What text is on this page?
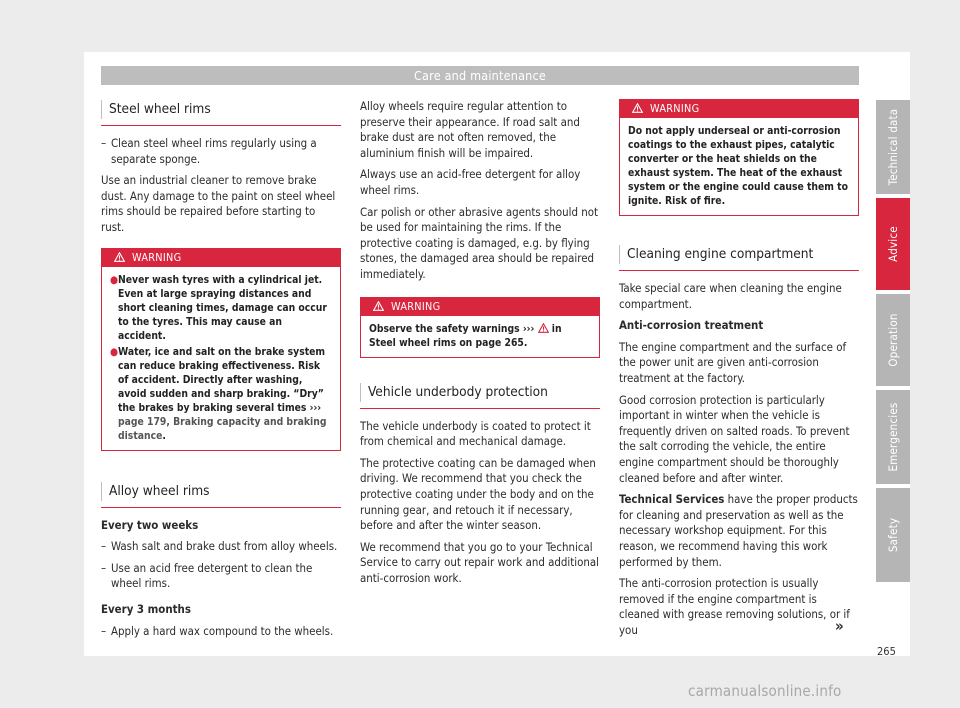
Care and maintenance
Steel wheel rims

– Clean steel wheel rims regularly using a separate sponge.

Use an industrial cleaner to remove brake dust. Any damage to the paint on steel wheel rims should be repaired before starting to rust.

WARNING

● Never wash tyres with a cylindrical jet. Even at large spraying distances and short cleaning times, damage can occur to the tyres. This may cause an accident.

● Water, ice and salt on the brake system can reduce braking effectiveness. Risk of accident. Directly after washing, avoid sudden and sharp braking. “Dry” the brakes by braking several times ››› page 179, Braking capacity and braking distance.

Alloy wheel rims

Every two weeks

– Wash salt and brake dust from alloy wheels.

– Use an acid free detergent to clean the wheel rims.

Every 3 months

– Apply a hard wax compound to the wheels.

Alloy wheels require regular attention to preserve their appearance. If road salt and brake dust are not often removed, the aluminium finish will be impaired.

Always use an acid-free detergent for alloy wheel rims.

Car polish or other abrasive agents should not be used for maintaining the rims. If the protective coating is damaged, e.g. by flying stones, the damaged area should be repaired immediately.

WARNING

Observe the safety warnings ››› in Steel wheel rims on page 265.

Vehicle underbody protection

The vehicle underbody is coated to protect it from chemical and mechanical damage.

The protective coating can be damaged when driving. We recommend that you check the protective coating under the body and on the running gear, and retouch it if necessary, before and after the winter season.

We recommend that you go to your Technical Service to carry out repair work and additional anti-corrosion work.

WARNING

Do not apply underseal or anti-corrosion coatings to the exhaust pipes, catalytic converter or the heat shields on the exhaust system. The heat of the exhaust system or the engine could cause them to ignite. Risk of fire.

Cleaning engine compartment

Take special care when cleaning the engine compartment.

Anti-corrosion treatment

The engine compartment and the surface of the power unit are given anti-corrosion treatment at the factory.

Good corrosion protection is particularly important in winter when the vehicle is frequently driven on salted roads. To prevent the salt corroding the vehicle, the entire engine compartment should be thoroughly cleaned before and after winter.

Technical Services have the proper products for cleaning and preservation as well as the necessary workshop equipment. For this reason, we recommend having this work performed by them.

The anti-corrosion protection is usually removed if the engine compartment is cleaned with grease removing solutions, or if you	»
Technical data
Advice
Operation
Emergencies
Safety
265
carmanualsonline.info
